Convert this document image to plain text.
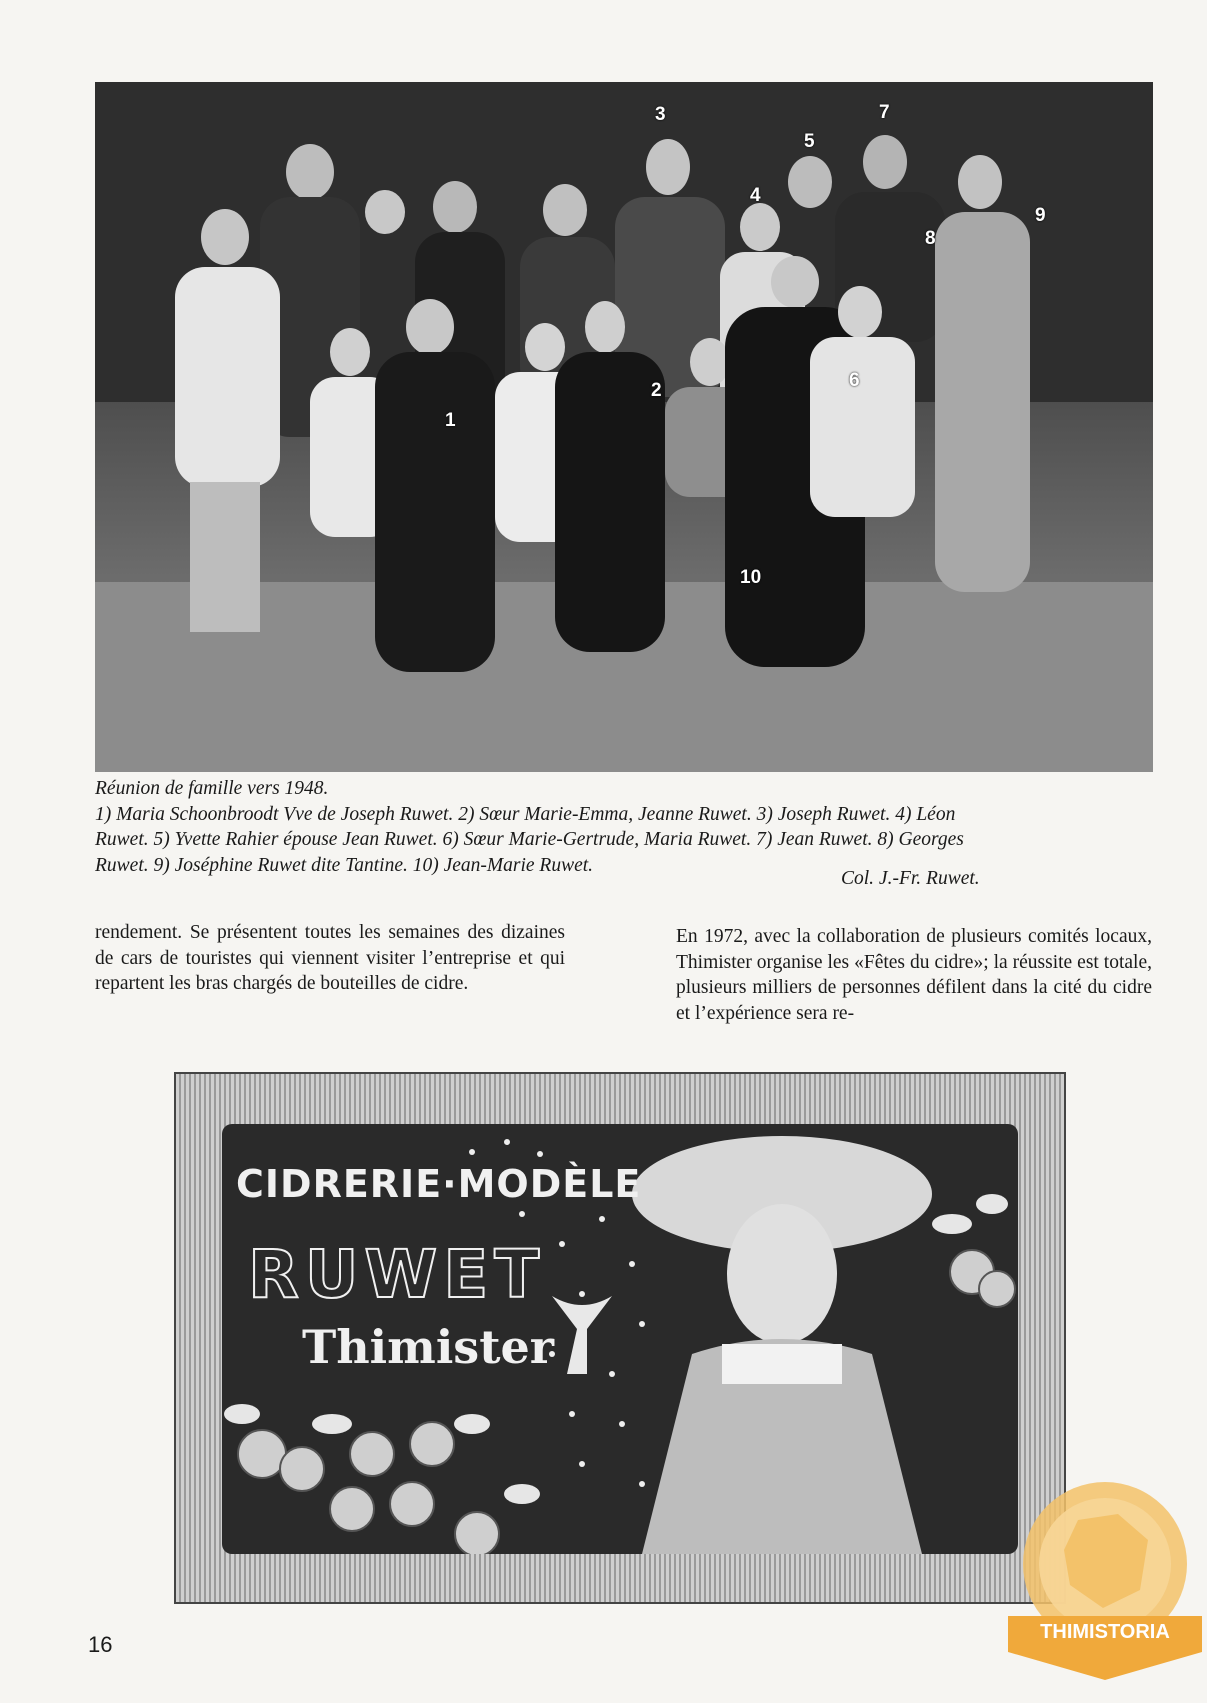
1
2
3
4
5
6
7
8
9
10

Réunion de famille vers 1948.

1) Maria Schoonbroodt Vve de Joseph Ruwet. 2) Sœur Marie-Emma, Jeanne Ruwet. 3) Joseph Ruwet. 4) Léon

Ruwet. 5) Yvette Rahier épouse Jean Ruwet. 6) Sœur Marie-Gertrude, Maria Ruwet. 7) Jean Ruwet. 8) Georges

Ruwet. 9) Joséphine Ruwet dite Tantine. 10) Jean-Marie Ruwet.

Col. J.-Fr. Ruwet.
rendement. Se présentent toutes les semaines des dizaines de cars de touristes qui viennent visiter l’entreprise et qui repartent les bras chargés de bouteilles de cidre.
En 1972, avec la collaboration de plusieurs comités locaux, Thimister organise les «Fêtes du cidre»; la réussite est totale, plusieurs milliers de personnes défilent dans la cité du cidre et l’expérience sera re-
CIDRERIE·MODÈLE
RUWET
Thimister
16	THIMISTORIA
